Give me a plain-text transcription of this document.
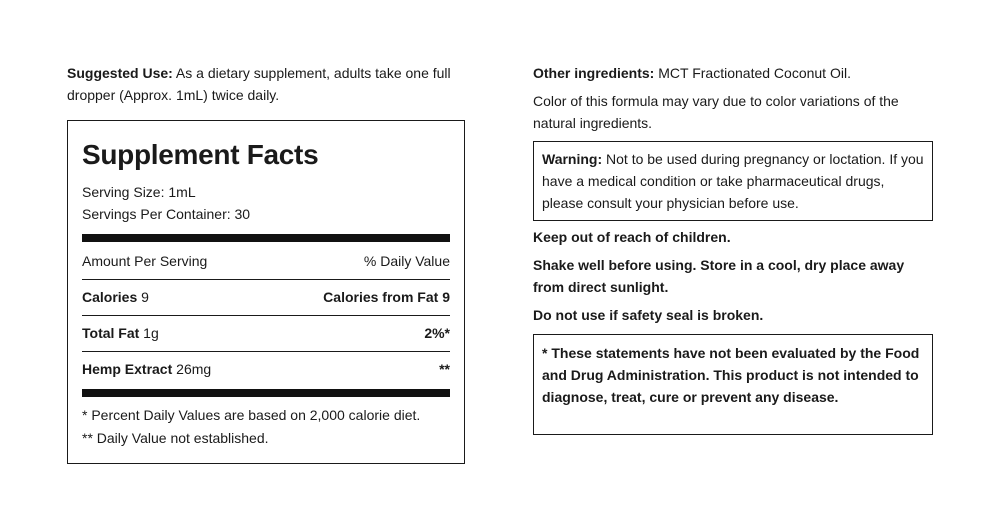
Suggested Use: As a dietary supplement, adults take one full dropper (Approx. 1mL) twice daily.
Supplement Facts
Serving Size: 1mL
Servings Per Container: 30
Amount Per Serving	% Daily Value
Calories 9	Calories from Fat 9
Total Fat 1g	2%*
Hemp Extract 26mg	**
* Percent Daily Values are based on 2,000 calorie diet.
** Daily Value not established.
Other ingredients: MCT Fractionated Coconut Oil.
Color of this formula may vary due to color variations of the natural ingredients.
Warning: Not to be used during pregnancy or loctation. If you have a medical condition or take pharmaceutical drugs, please consult your physician before use.
Keep out of reach of children.
Shake well before using. Store in a cool, dry place away from direct sunlight.
Do not use if safety seal is broken.
* These statements have not been evaluated by the Food and Drug Administration. This product is not intended to diagnose, treat, cure or prevent any disease.
